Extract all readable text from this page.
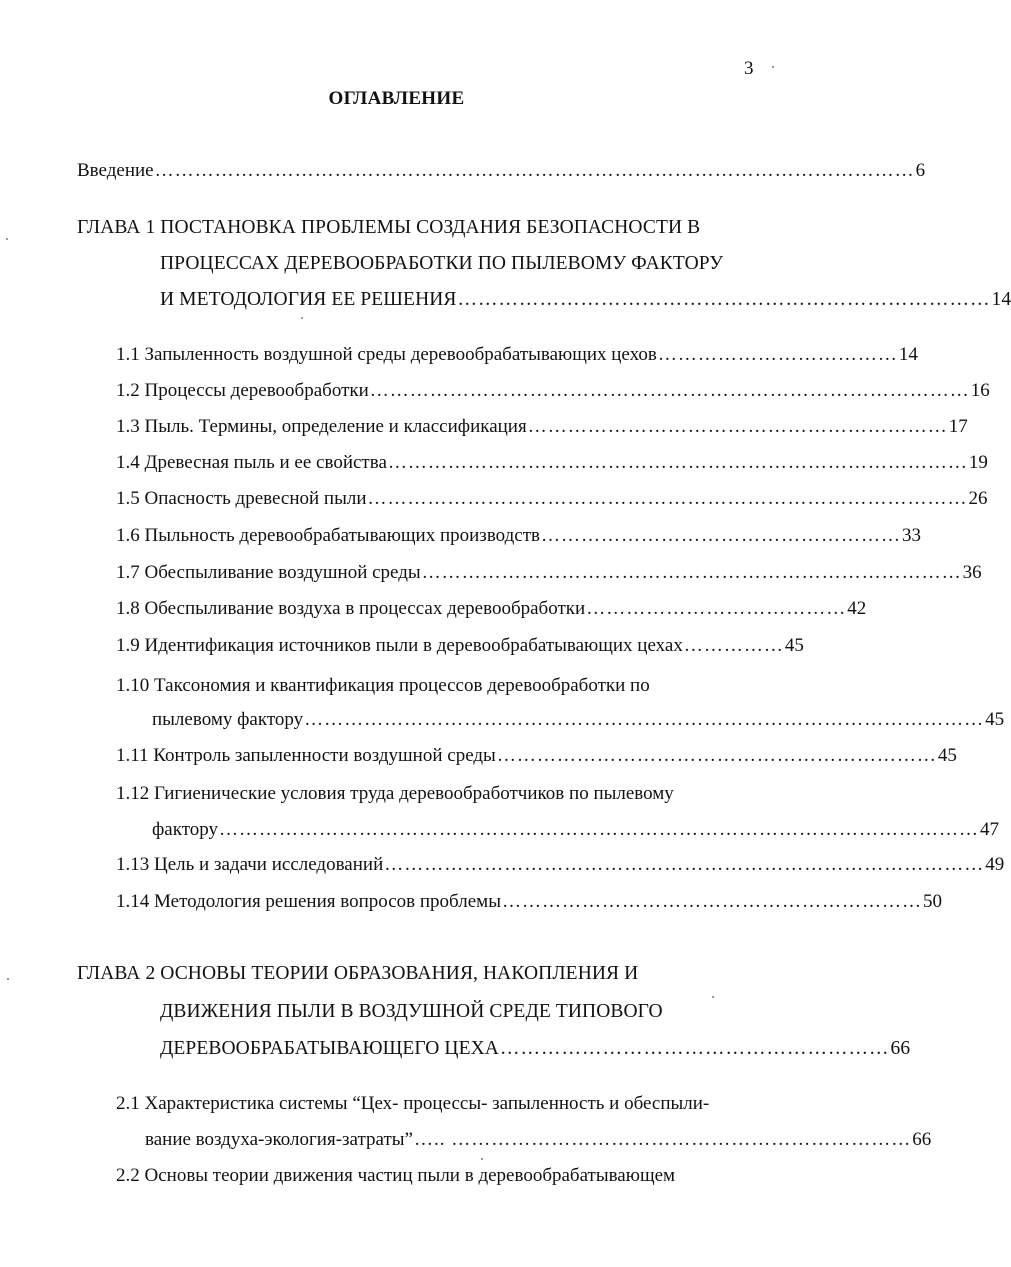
3
ОГЛАВЛЕНИЕ
Введение …………………………………………………………………………………………………… 6
ГЛАВА 1 ПОСТАНОВКА ПРОБЛЕМЫ СОЗДАНИЯ БЕЗОПАСНОСТИ В
ПРОЦЕССАХ ДЕРЕВООБРАБОТКИ ПО ПЫЛЕВОМУ ФАКТОРУ
И МЕТОДОЛОГИЯ ЕЕ РЕШЕНИЯ …………………………………………………………………… 14
1.1 Запыленность воздушной среды деревообрабатывающих цехов ……………………………… 14
1.2 Процессы деревообработки ……………………………………………………………………………… 16
1.3 Пыль. Термины, определение и классификация ……………………………………………………… 17
1.4 Древесная пыль и ее свойства …………………………………………………………………………… 19
1.5 Опасность древесной пыли ……………………………………………………………………………… 26
1.6 Пыльность деревообрабатывающих производств ……………………………………………… 33
1.7 Обеспыливание воздушной среды ……………………………………………………………………… 36
1.8 Обеспыливание воздуха в процессах деревообработки ………………………………… 42
1.9 Идентификация источников пыли в деревообрабатывающих цехах …………… 45
1.10 Таксономия и квантификация процессов деревообработки по
пылевому фактору ………………………………………………………………………………………… 45
1.11 Контроль запыленности воздушной среды ………………………………………………………… 45
1.12 Гигиенические условия труда деревообработчиков по пылевому
фактору …………………………………………………………………………………………………… 47
1.13 Цель и задачи исследований ……………………………………………………………………………… 49
1.14 Методология решения вопросов проблемы ……………………………………………………… 50
ГЛАВА 2 ОСНОВЫ ТЕОРИИ ОБРАЗОВАНИЯ, НАКОПЛЕНИЯ И
ДВИЖЕНИЯ ПЫЛИ В ВОЗДУШНОЙ СРЕДЕ ТИПОВОГО
ДЕРЕВООБРАБАТЫВАЮЩЕГО ЦЕХА ………………………………………………… 66
2.1 Характеристика системы “Цех- процессы- запыленность и обеспыли-
вание воздуха-экология-затраты” ….. …………………………………………………………… 66
2.2 Основы теории движения частиц пыли в деревообрабатывающем
